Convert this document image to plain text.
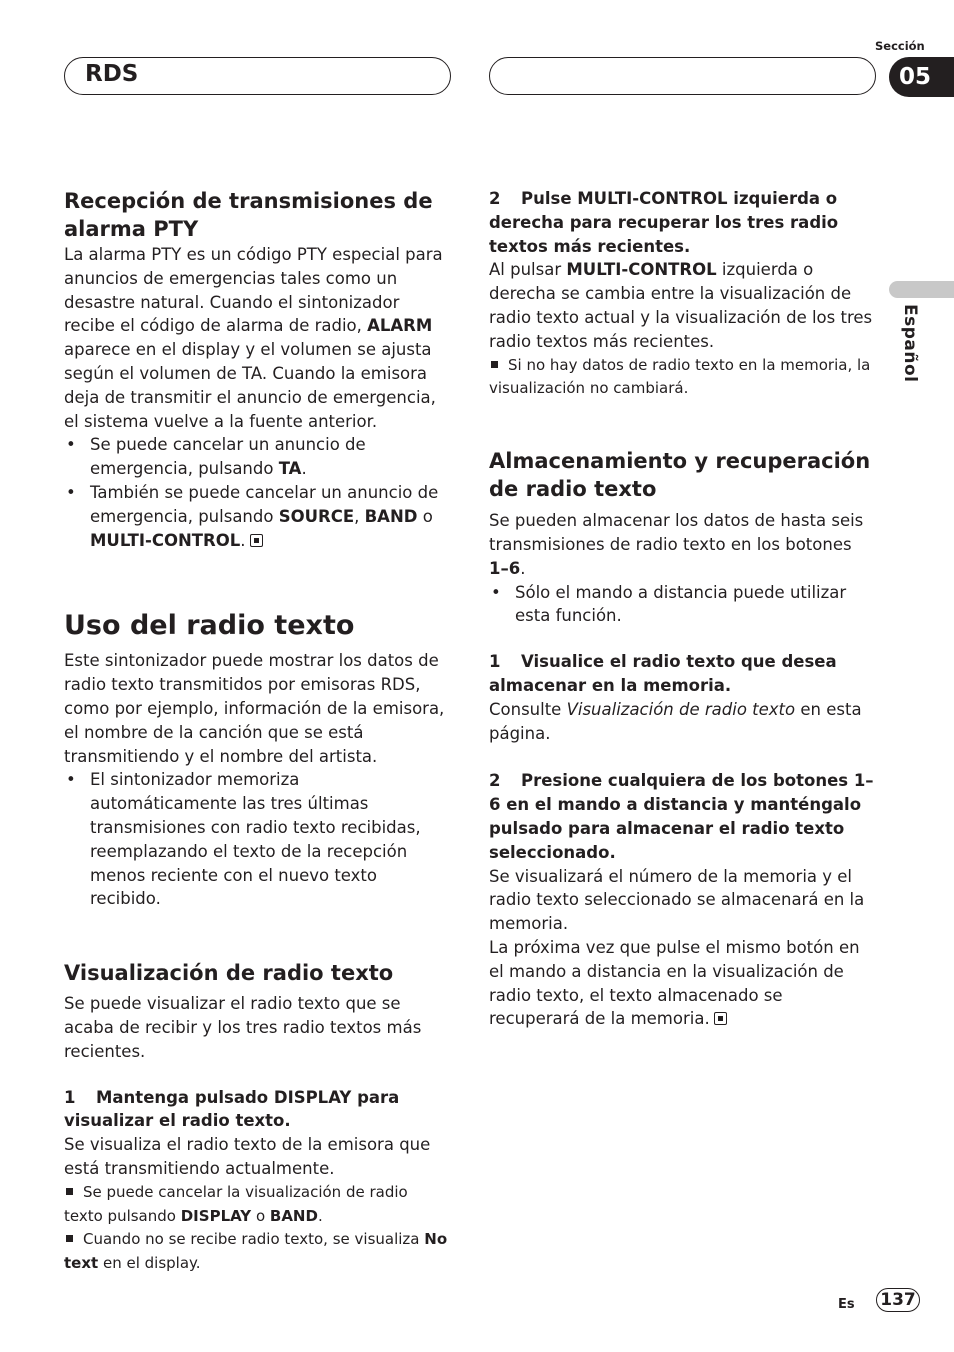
RDS
Sección
05
Español
Recepción de transmisiones de alarma PTY

La alarma PTY es un código PTY especial para anuncios de emergencias tales como un desastre natural. Cuando el sintonizador recibe el código de alarma de radio, ALARM aparece en el display y el volumen se ajusta según el volumen de TA. Cuando la emisora deja de transmitir el anuncio de emergencia, el sistema vuelve a la fuente anterior.

• Se puede cancelar un anuncio de emergencia, pulsando TA.

• También se puede cancelar un anuncio de emergencia, pulsando SOURCE, BAND o MULTI-CONTROL.

Uso del radio texto

Este sintonizador puede mostrar los datos de radio texto transmitidos por emisoras RDS, como por ejemplo, información de la emisora, el nombre de la canción que se está transmitiendo y el nombre del artista.

• El sintonizador memoriza automáticamente las tres últimas transmisiones con radio texto recibidas, reemplazando el texto de la recepción menos reciente con el nuevo texto recibido.

Visualización de radio texto

Se puede visualizar el radio texto que se acaba de recibir y los tres radio textos más recientes.

1 Mantenga pulsado DISPLAY para visualizar el radio texto.

Se visualiza el radio texto de la emisora que está transmitiendo actualmente.

Se puede cancelar la visualización de radio texto pulsando DISPLAY o BAND.

Cuando no se recibe radio texto, se visualiza No text en el display.

2 Pulse MULTI-CONTROL izquierda o derecha para recuperar los tres radio textos más recientes.

Al pulsar MULTI-CONTROL izquierda o derecha se cambia entre la visualización de radio texto actual y la visualización de los tres radio textos más recientes.

Si no hay datos de radio texto en la memoria, la visualización no cambiará.

Almacenamiento y recuperación de radio texto

Se pueden almacenar los datos de hasta seis transmisiones de radio texto en los botones 1–6.

• Sólo el mando a distancia puede utilizar esta función.

1 Visualice el radio texto que desea almacenar en la memoria.

Consulte Visualización de radio texto en esta página.

2 Presione cualquiera de los botones 1–6 en el mando a distancia y manténgalo pulsado para almacenar el radio texto seleccionado.

Se visualizará el número de la memoria y el radio texto seleccionado se almacenará en la memoria.

La próxima vez que pulse el mismo botón en el mando a distancia en la visualización de radio texto, el texto almacenado se recuperará de la memoria.

Es 137
